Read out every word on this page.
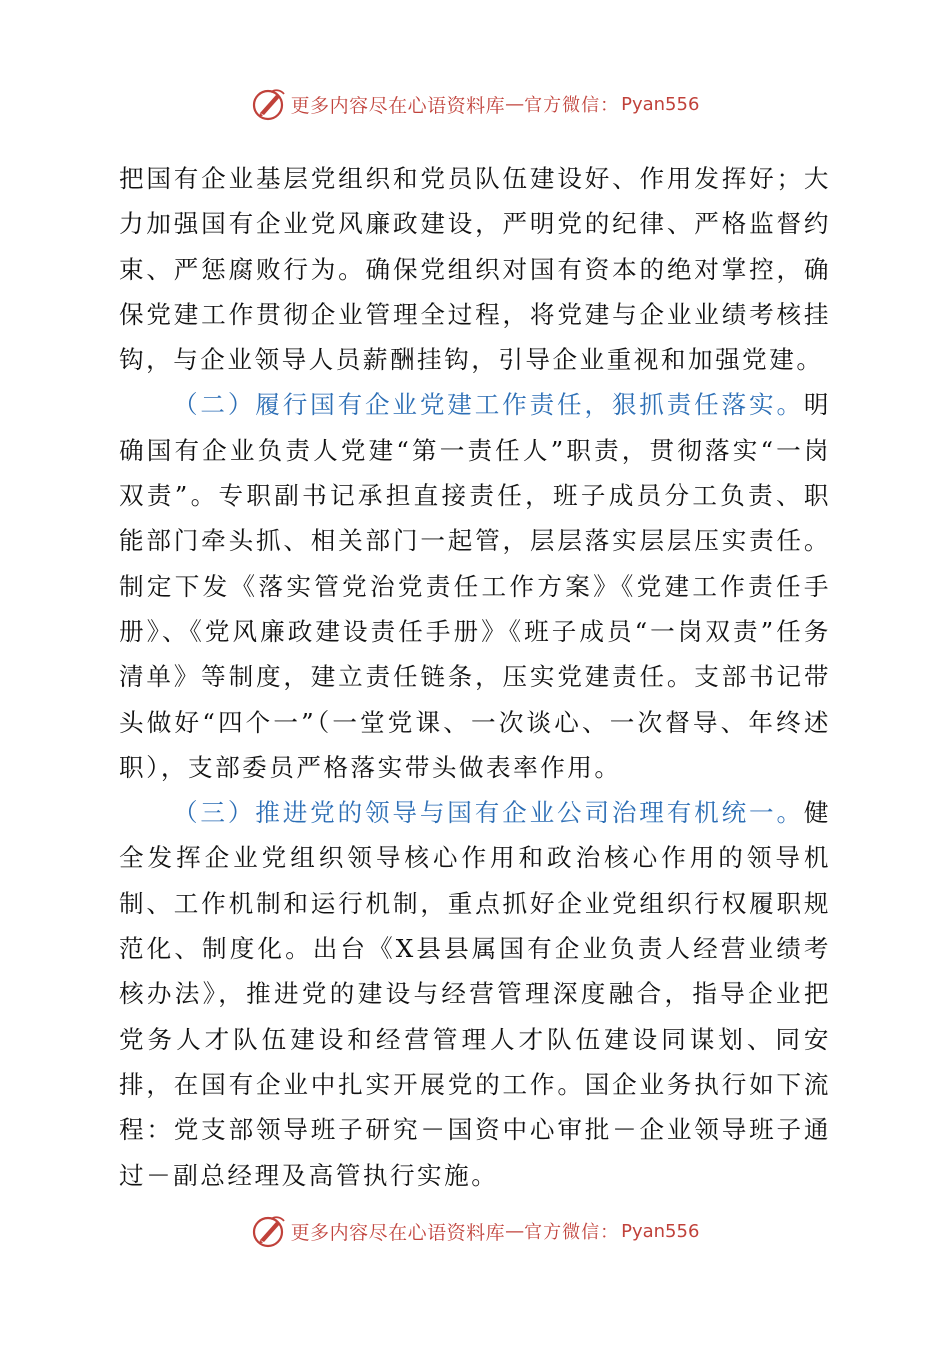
更多内容尽在心语资料库 — 官方微信： Pyan556

把国有企业基层党组织和党员队伍建设好、作用发挥好；大力加强国有企业党风廉政建设，严明党的纪律、严格监督约束、严惩腐败行为。确保党组织对国有资本的绝对掌控，确保党建工作贯彻企业管理全过程，将党建与企业业绩考核挂钩，与企业领导人员薪酬挂钩，引导企业重视和加强党建。

（二）履行国有企业党建工作责任，狠抓责任落实。明确国有企业负责人党建“第一责任人”职责，贯彻落实“一岗双责”。专职副书记承担直接责任，班子成员分工负责、职能部门牵头抓、相关部门一起管，层层落实层层压实责任。制定下发《落实管党治党责任工作方案》《党建工作责任手册》、《党风廉政建设责任手册》《班子成员“一岗双责”任务清单》等制度，建立责任链条，压实党建责任。支部书记带头做好“四个一”（一堂党课、一次谈心、一次督导、年终述职），支部委员严格落实带头做表率作用。

（三）推进党的领导与国有企业公司治理有机统一。健全发挥企业党组织领导核心作用和政治核心作用的领导机制、工作机制和运行机制，重点抓好企业党组织行权履职规范化、制度化。出台《X县县属国有企业负责人经营业绩考核办法》，推进党的建设与经营管理深度融合，指导企业把党务人才队伍建设和经营管理人才队伍建设同谋划、同安排，在国有企业中扎实开展党的工作。国企业务执行如下流程：党支部领导班子研究－国资中心审批－企业领导班子通过－副总经理及高管执行实施。

更多内容尽在心语资料库 — 官方微信： Pyan556
